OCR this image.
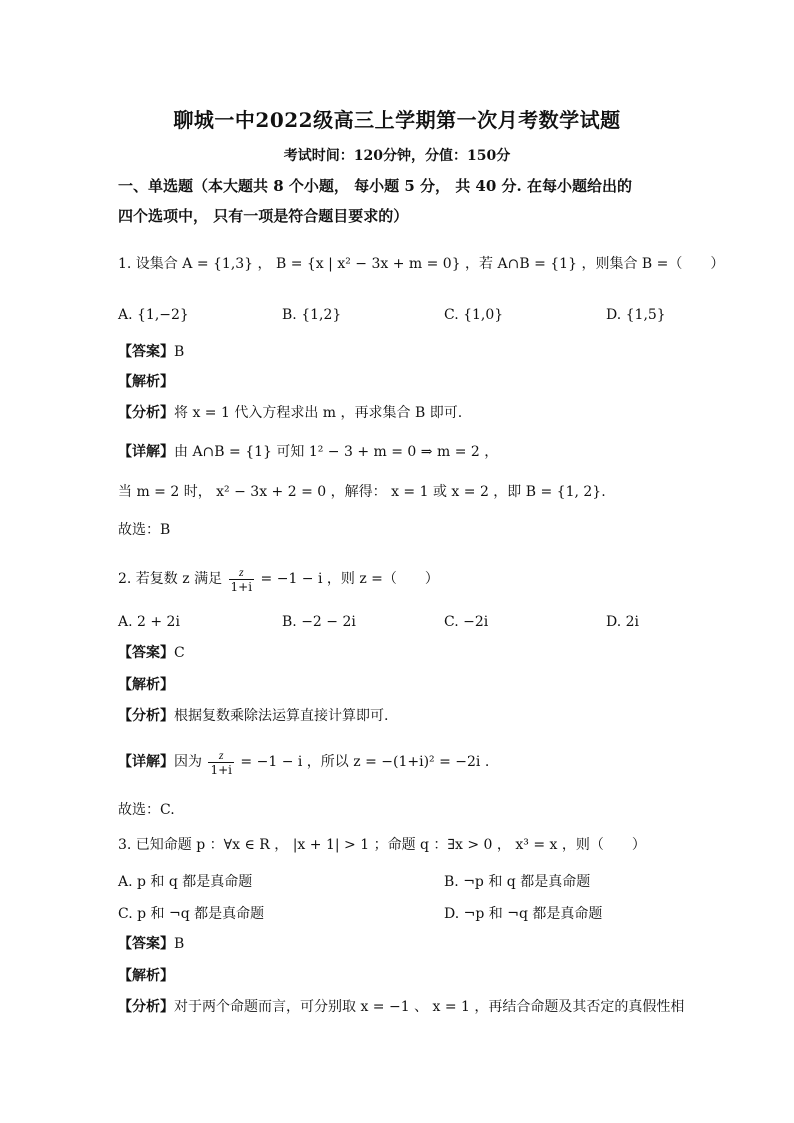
聊城一中2022级高三上学期第一次月考数学试题
考试时间：120分钟，分值：150分
一、单选题（本大题共 8 个小题， 每小题 5 分， 共 40 分. 在每小题给出的
四个选项中， 只有一项是符合题目要求的）
1. 设集合 A = {1,3} ， B = {x | x² − 3x + m = 0} ，若 A∩B = {1} ，则集合 B =（　　）
A. {1,−2}	B. {1,2}	C. {1,0}	D. {1,5}
【答案】B
【解析】
【分析】将 x = 1 代入方程求出 m ，再求集合 B 即可.
【详解】由 A∩B = {1} 可知 1² − 3 + m = 0 ⇒ m = 2 ，
当 m = 2 时， x² − 3x + 2 = 0 ，解得： x = 1 或 x = 2 ，即 B = {1, 2}.
故选：B
2. 若复数 z 满足 $\frac{z}{1+i} = -1 - i$ ，则 z =（　　）
A. 2 + 2i	B. −2 − 2i	C. −2i	D. 2i
【答案】C
【解析】
【分析】根据复数乘除法运算直接计算即可.
【详解】因为 $\frac{z}{1+i} = -1 - i$ ，所以 z = −(1+i)² = −2i .
故选：C.
3. 已知命题 p ：∀x ∈ R ， |x + 1| > 1 ；命题 q ：∃x > 0 ， x³ = x ，则（　　）
A. p 和 q 都是真命题	B. ¬p 和 q 都是真命题
C. p 和 ¬q 都是真命题	D. ¬p 和 ¬q 都是真命题
【答案】B
【解析】
【分析】对于两个命题而言，可分别取 x = −1 、 x = 1 ，再结合命题及其否定的真假性相
